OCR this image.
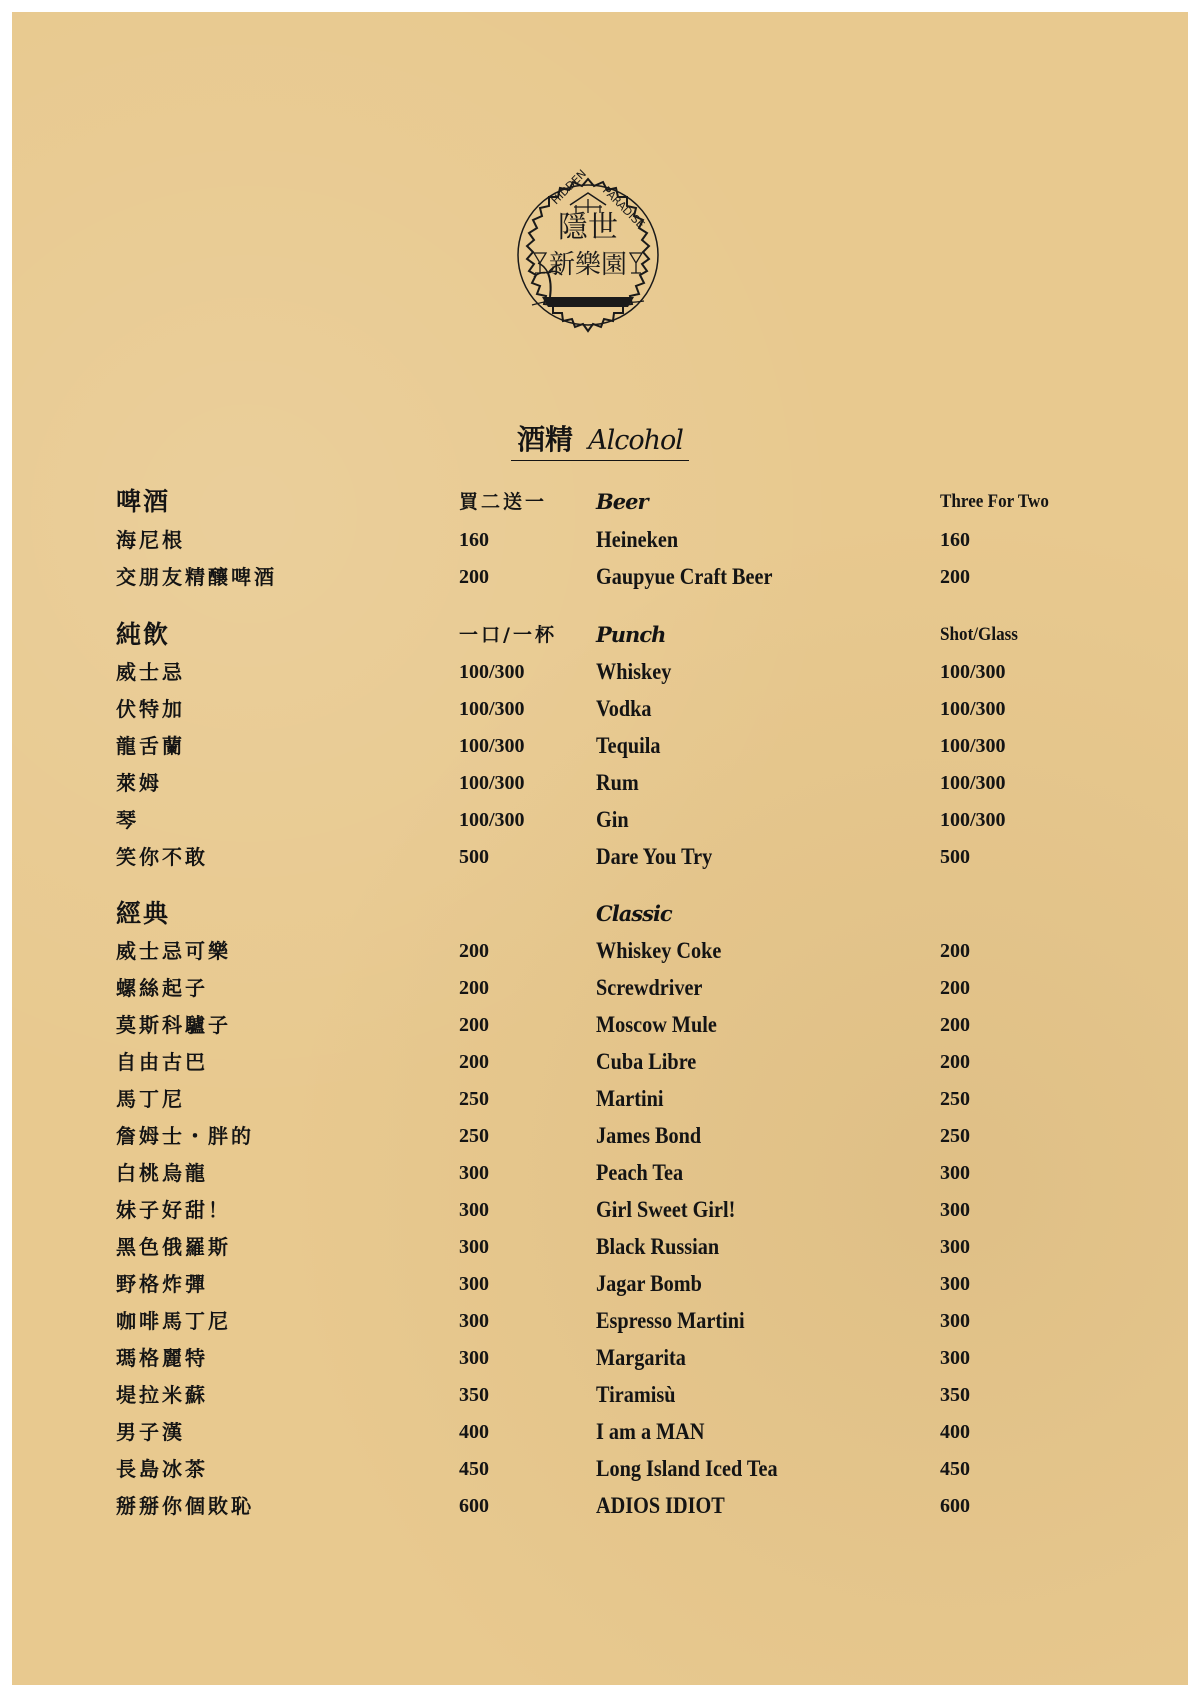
隱世
新樂園
HIDDEN PARADISE
酒精 Alcohol
啤酒	買二送一 Beer	Three For Two
海尼根	160	Heineken	160
交朋友精釀啤酒	200	Gaupyue Craft Beer	200
純飲	一口/一杯 Punch	Shot/Glass
威士忌	100/300	Whiskey	100/300
伏特加	100/300	Vodka	100/300
龍舌蘭	100/300	Tequila	100/300
萊姆	100/300	Rum	100/300
琴	100/300	Gin	100/300
笑你不敢	500	Dare You Try	500
經典	Classic
威士忌可樂	200	Whiskey Coke	200
螺絲起子	200	Screwdriver	200
莫斯科驢子	200	Moscow Mule	200
自由古巴	200	Cuba Libre	200
馬丁尼	250	Martini	250
詹姆士・胖的	250	James Bond	250
白桃烏龍	300	Peach Tea	300
妹子好甜！	300	Girl Sweet Girl!	300
黑色俄羅斯	300	Black Russian	300
野格炸彈	300	Jagar Bomb	300
咖啡馬丁尼	300	Espresso Martini	300
瑪格麗特	300	Margarita	300
堤拉米蘇	350	Tiramisù	350
男子漢	400	I am a MAN	400
長島冰茶	450	Long Island Iced Tea	450
掰掰你個敗恥	600	ADIOS IDIOT	600
